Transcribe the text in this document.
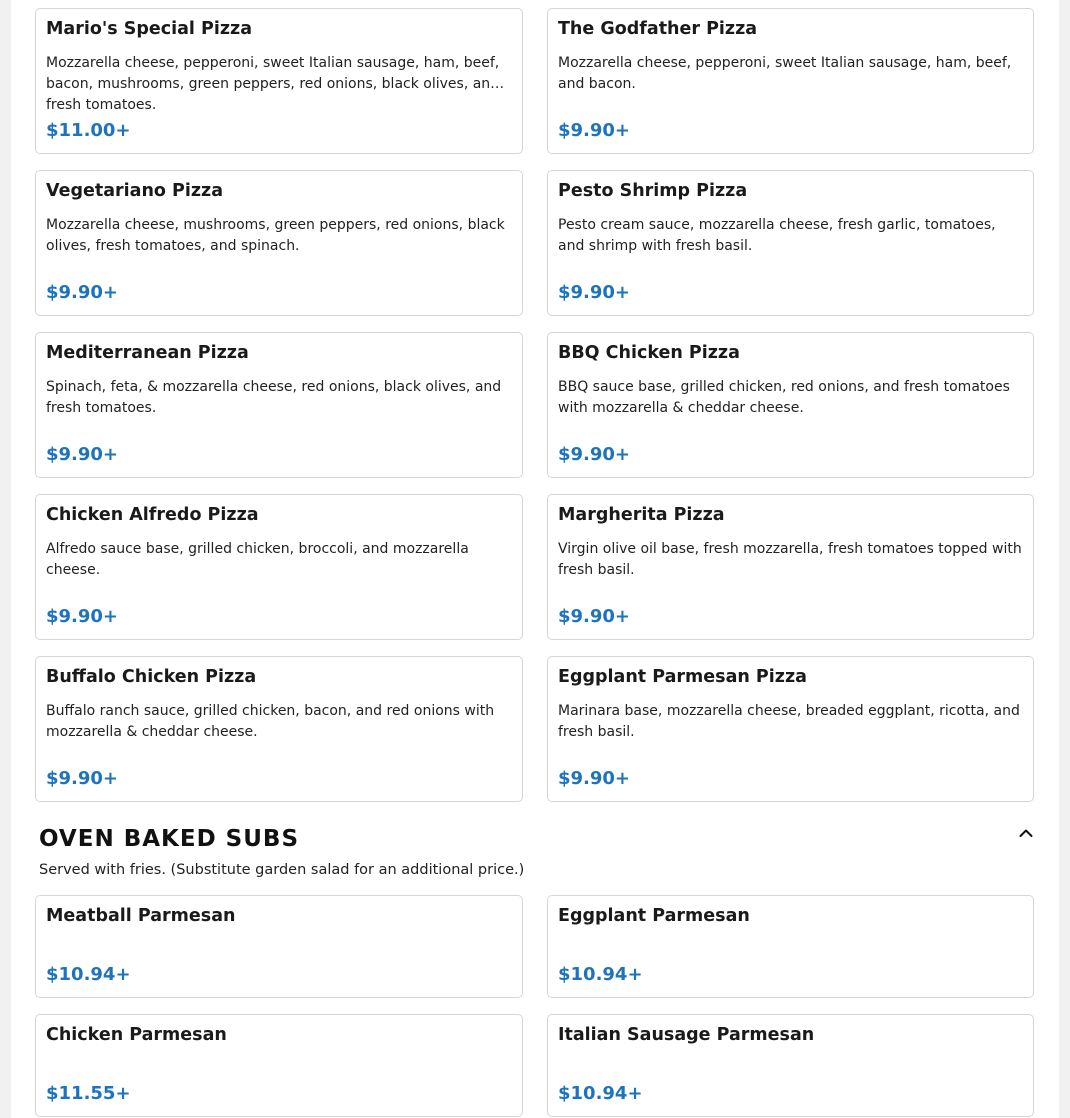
Mario's Special Pizza
Mozzarella cheese, pepperoni, sweet Italian sausage, ham, beef, bacon, mushrooms, green peppers, red onions, black olives, and fresh tomatoes.
$11.00+
The Godfather Pizza
Mozzarella cheese, pepperoni, sweet Italian sausage, ham, beef, and bacon.
$9.90+
Vegetariano Pizza
Mozzarella cheese, mushrooms, green peppers, red onions, black olives, fresh tomatoes, and spinach.
$9.90+
Pesto Shrimp Pizza
Pesto cream sauce, mozzarella cheese, fresh garlic, tomatoes, and shrimp with fresh basil.
$9.90+
Mediterranean Pizza
Spinach, feta, & mozzarella cheese, red onions, black olives, and fresh tomatoes.
$9.90+
BBQ Chicken Pizza
BBQ sauce base, grilled chicken, red onions, and fresh tomatoes with mozzarella & cheddar cheese.
$9.90+
Chicken Alfredo Pizza
Alfredo sauce base, grilled chicken, broccoli, and mozzarella cheese.
$9.90+
Margherita Pizza
Virgin olive oil base, fresh mozzarella, fresh tomatoes topped with fresh basil.
$9.90+
Buffalo Chicken Pizza
Buffalo ranch sauce, grilled chicken, bacon, and red onions with mozzarella & cheddar cheese.
$9.90+
Eggplant Parmesan Pizza
Marinara base, mozzarella cheese, breaded eggplant, ricotta, and fresh basil.
$9.90+
OVEN BAKED SUBS
Served with fries. (Substitute garden salad for an additional price.)
Meatball Parmesan
$10.94+
Eggplant Parmesan
$10.94+
Chicken Parmesan
$11.55+
Italian Sausage Parmesan
$10.94+
